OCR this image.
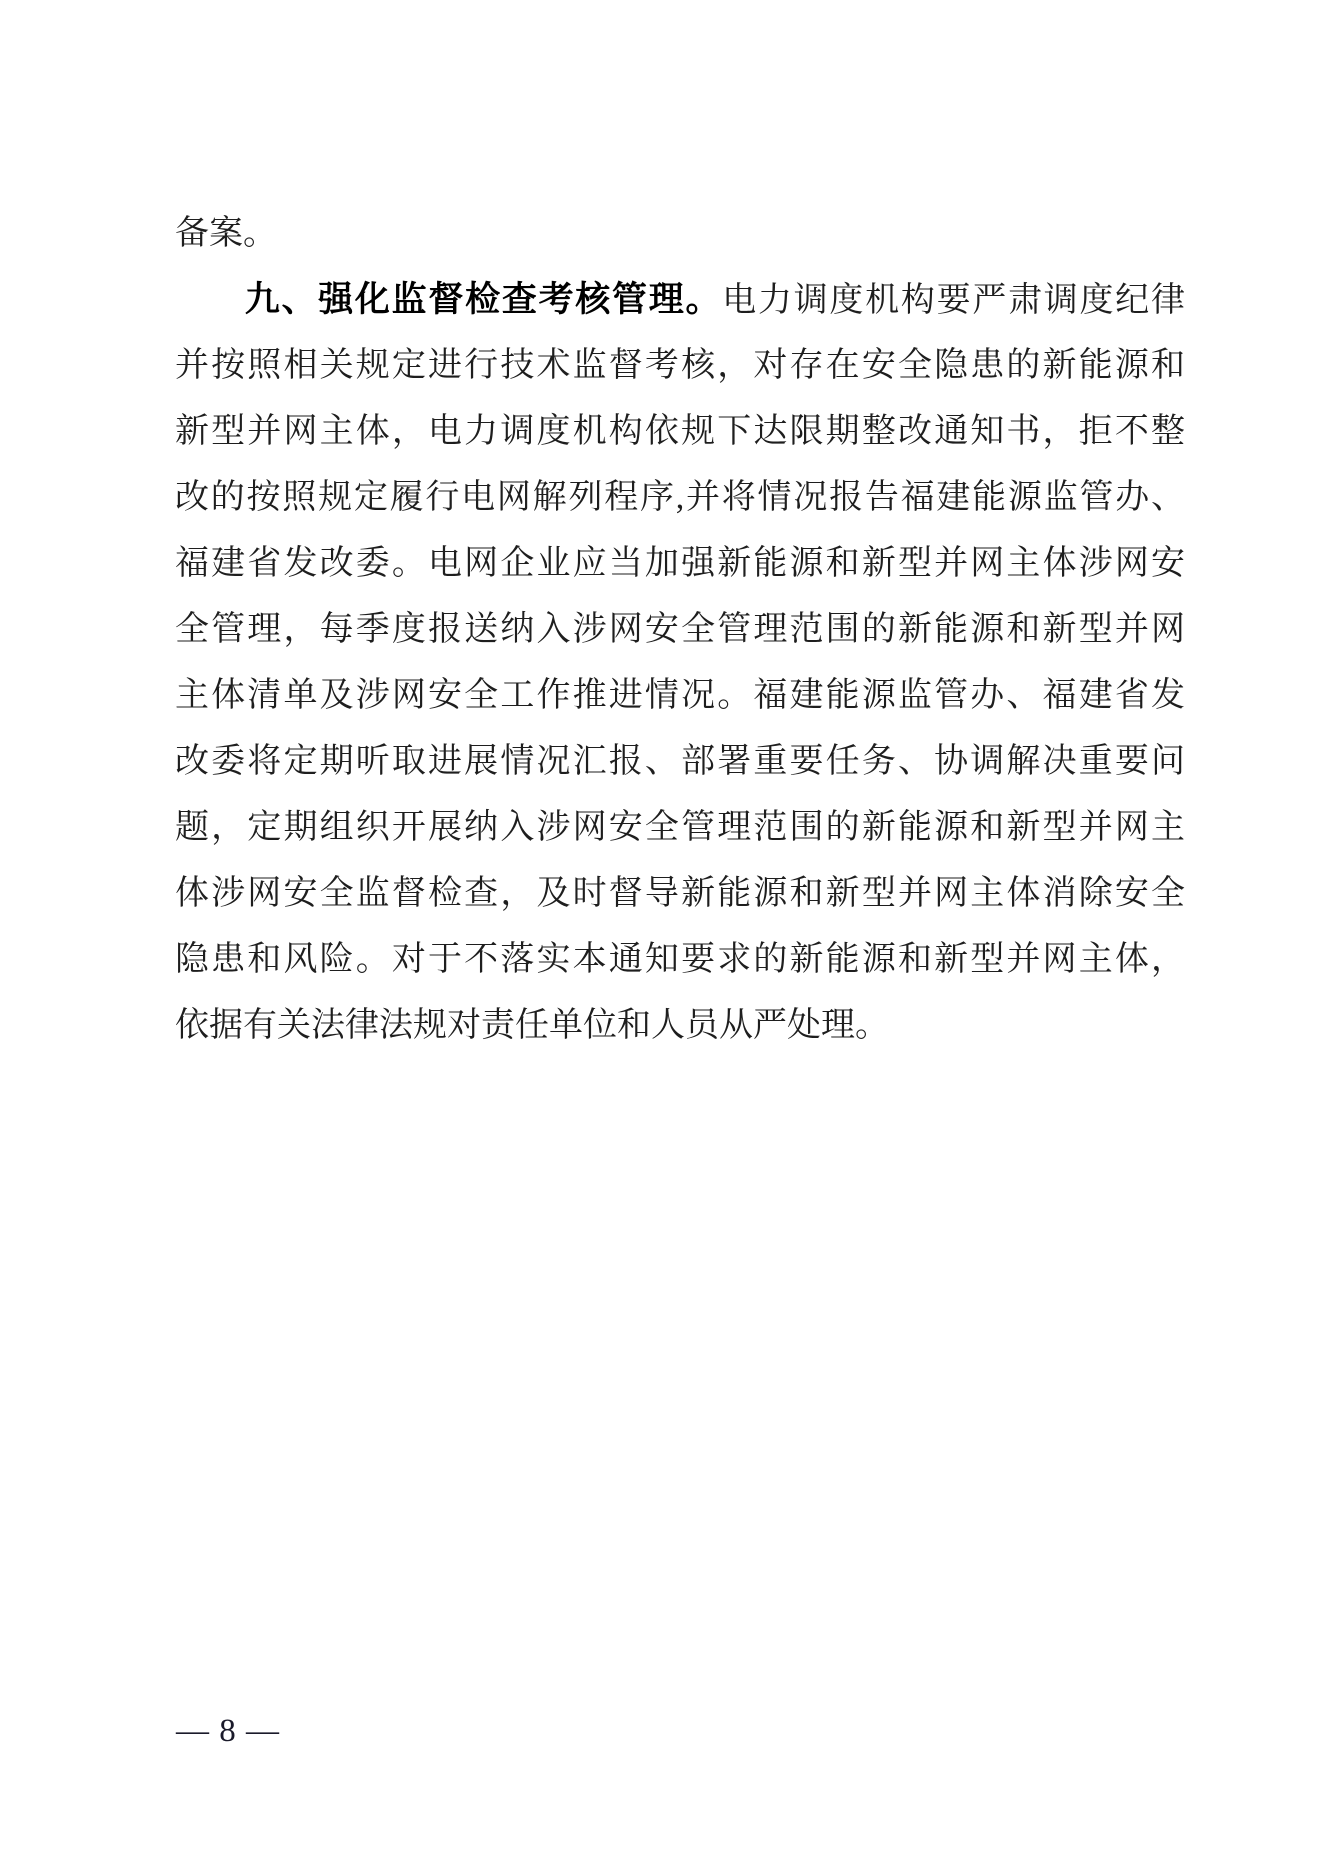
备案。
九、强化监督检查考核管理。电力调度机构要严肃调度纪律
并按照相关规定进行技术监督考核，对存在安全隐患的新能源和
新型并网主体，电力调度机构依规下达限期整改通知书，拒不整
改的按照规定履行电网解列程序,并将情况报告福建能源监管办、
福建省发改委。电网企业应当加强新能源和新型并网主体涉网安
全管理，每季度报送纳入涉网安全管理范围的新能源和新型并网
主体清单及涉网安全工作推进情况。福建能源监管办、福建省发
改委将定期听取进展情况汇报、部署重要任务、协调解决重要问
题，定期组织开展纳入涉网安全管理范围的新能源和新型并网主
体涉网安全监督检查，及时督导新能源和新型并网主体消除安全
隐患和风险。对于不落实本通知要求的新能源和新型并网主体，
依据有关法律法规对责任单位和人员从严处理。
— 8 —
